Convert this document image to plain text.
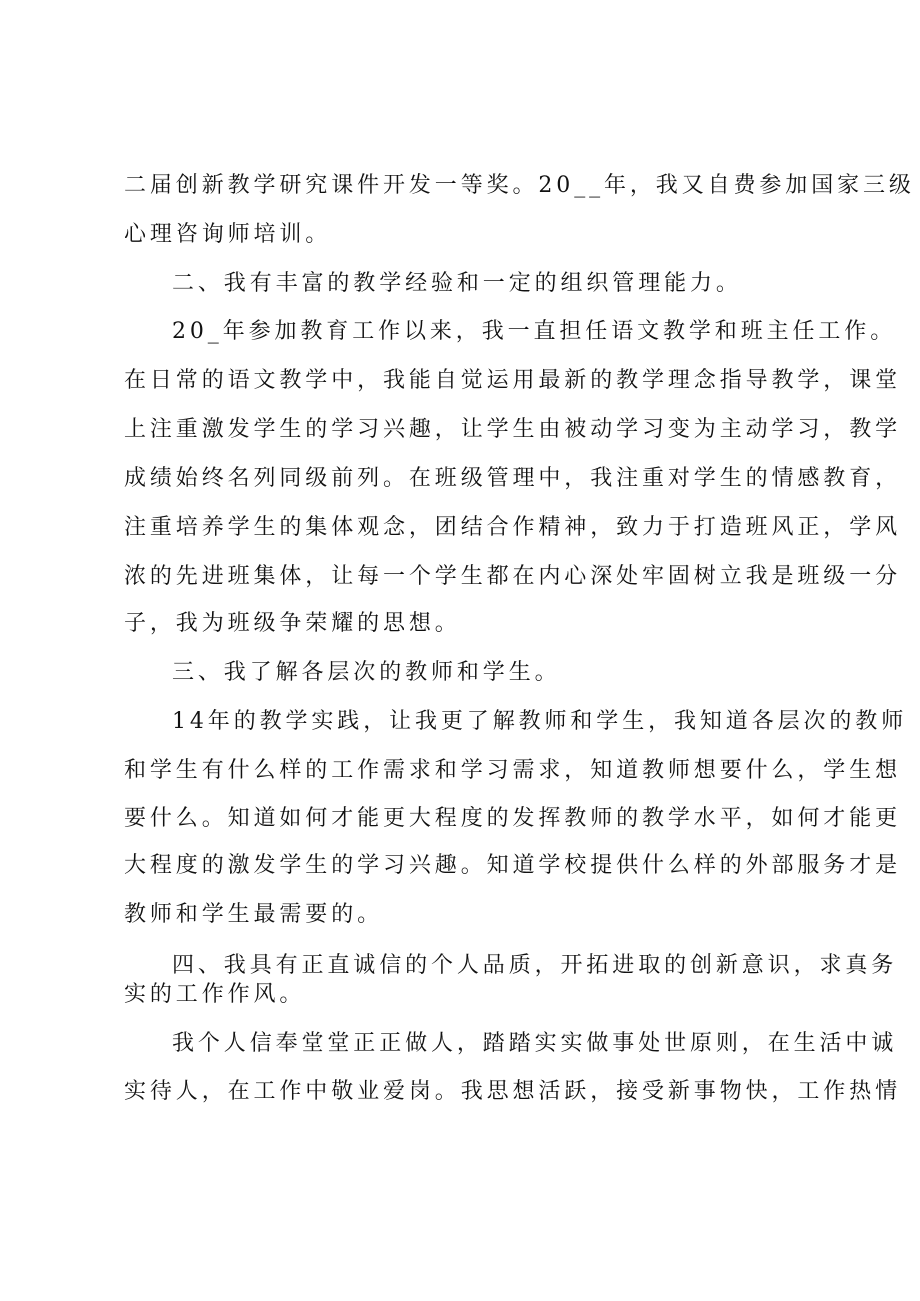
二届创新教学研究课件开发一等奖。20__年，我又自费参加国家三级
心理咨询师培训。
二、我有丰富的教学经验和一定的组织管理能力。
20_年参加教育工作以来，我一直担任语文教学和班主任工作。
在日常的语文教学中，我能自觉运用最新的教学理念指导教学，课堂
上注重激发学生的学习兴趣，让学生由被动学习变为主动学习，教学
成绩始终名列同级前列。在班级管理中，我注重对学生的情感教育，
注重培养学生的集体观念，团结合作精神，致力于打造班风正，学风
浓的先进班集体，让每一个学生都在内心深处牢固树立我是班级一分
子，我为班级争荣耀的思想。
三、我了解各层次的教师和学生。
14年的教学实践，让我更了解教师和学生，我知道各层次的教师
和学生有什么样的工作需求和学习需求，知道教师想要什么，学生想
要什么。知道如何才能更大程度的发挥教师的教学水平，如何才能更
大程度的激发学生的学习兴趣。知道学校提供什么样的外部服务才是
教师和学生最需要的。
四、我具有正直诚信的个人品质，开拓进取的创新意识，求真务
实的工作作风。
我个人信奉堂堂正正做人，踏踏实实做事处世原则，在生活中诚
实待人，在工作中敬业爱岗。我思想活跃，接受新事物快，工作热情
